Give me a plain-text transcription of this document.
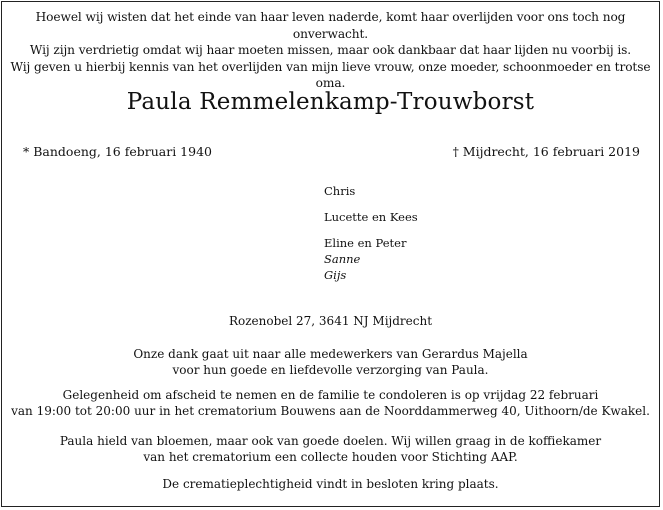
Hoewel wij wisten dat het einde van haar leven naderde, komt haar overlijden voor ons toch nog onverwacht.
Wij zijn verdrietig omdat wij haar moeten missen, maar ook dankbaar dat haar lijden nu voorbij is.
Wij geven u hierbij kennis van het overlijden van mijn lieve vrouw, onze moeder, schoonmoeder en trotse oma.
Paula Remmelenkamp-Trouwborst
* Bandoeng, 16 februari 1940	† Mijdrecht, 16 februari 2019
Chris
Lucette en Kees
Eline en Peter
Sanne
Gijs
Rozenobel 27, 3641 NJ Mijdrecht
Onze dank gaat uit naar alle medewerkers van Gerardus Majella
voor hun goede en liefdevolle verzorging van Paula.
Gelegenheid om afscheid te nemen en de familie te condoleren is op vrijdag 22 februari
van 19:00 tot 20:00 uur in het crematorium Bouwens aan de Noorddammerweg 40, Uithoorn/de Kwakel.
Paula hield van bloemen, maar ook van goede doelen. Wij willen graag in de koffiekamer
van het crematorium een collecte houden voor Stichting AAP.
De crematieplechtigheid vindt in besloten kring plaats.
